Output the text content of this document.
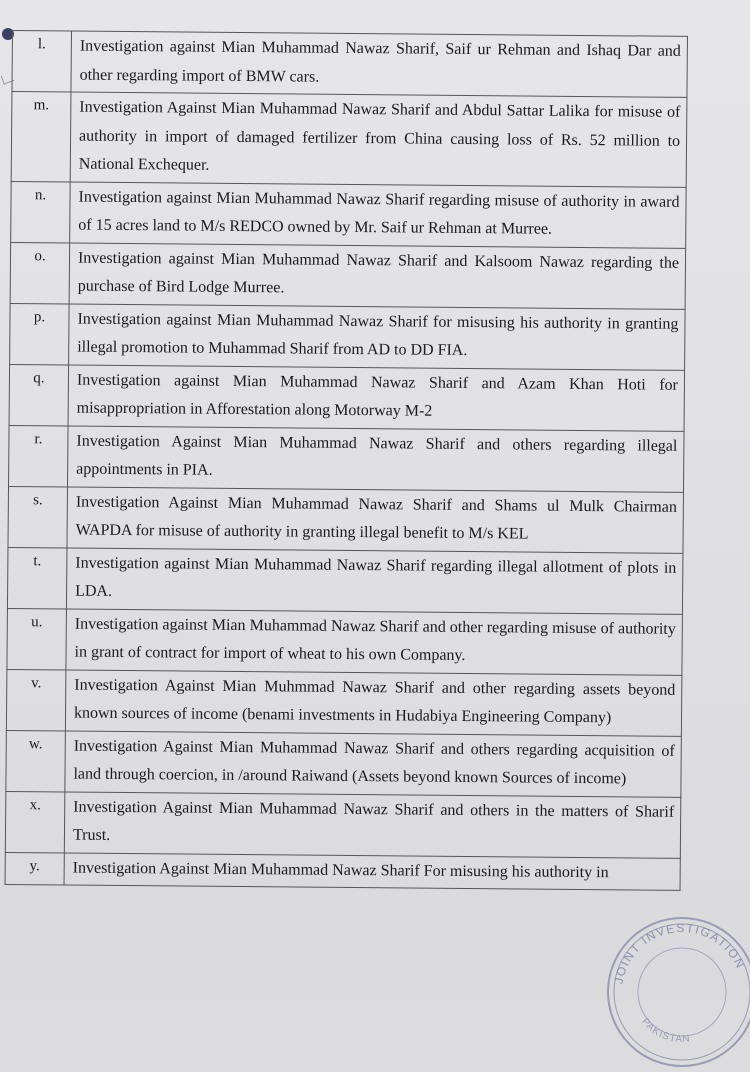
l.	Investigation against Mian Muhammad Nawaz Sharif, Saif ur Rehman and Ishaq Dar and other regarding import of BMW cars.
m.	Investigation Against Mian Muhammad Nawaz Sharif and Abdul Sattar Lalika for misuse of authority in import of damaged fertilizer from China causing loss of Rs. 52 million to National Exchequer.
n.	Investigation against Mian Muhammad Nawaz Sharif regarding misuse of authority in award of 15 acres land to M/s REDCO owned by Mr. Saif ur Rehman at Murree.
o.	Investigation against Mian Muhammad Nawaz Sharif and Kalsoom Nawaz regarding the purchase of Bird Lodge Murree.
p.	Investigation against Mian Muhammad Nawaz Sharif for misusing his authority in granting illegal promotion to Muhammad Sharif from AD to DD FIA.
q.	Investigation against Mian Muhammad Nawaz Sharif and Azam Khan Hoti for misappropriation in Afforestation along Motorway M-2
r.	Investigation Against Mian Muhammad Nawaz Sharif and others regarding illegal appointments in PIA.
s.	Investigation Against Mian Muhammad Nawaz Sharif and Shams ul Mulk Chairman WAPDA for misuse of authority in granting illegal benefit to M/s KEL
t.	Investigation against Mian Muhammad Nawaz Sharif regarding illegal allotment of plots in LDA.
u.	Investigation against Mian Muhammad Nawaz Sharif and other regarding misuse of authority in grant of contract for import of wheat to his own Company.
v.	Investigation Against Mian Muhmmad Nawaz Sharif and other regarding assets beyond known sources of income (benami investments in Hudabiya Engineering Company)
w.	Investigation Against Mian Muhammad Nawaz Sharif and others regarding acquisition of land through coercion, in /around Raiwand (Assets beyond known Sources of income)
x.	Investigation Against Mian Muhammad Nawaz Sharif and others in the matters of Sharif Trust.
y.	Investigation Against Mian Muhammad Nawaz Sharif For misusing his authority in
JOINT INVESTIGATION
PAKISTAN
